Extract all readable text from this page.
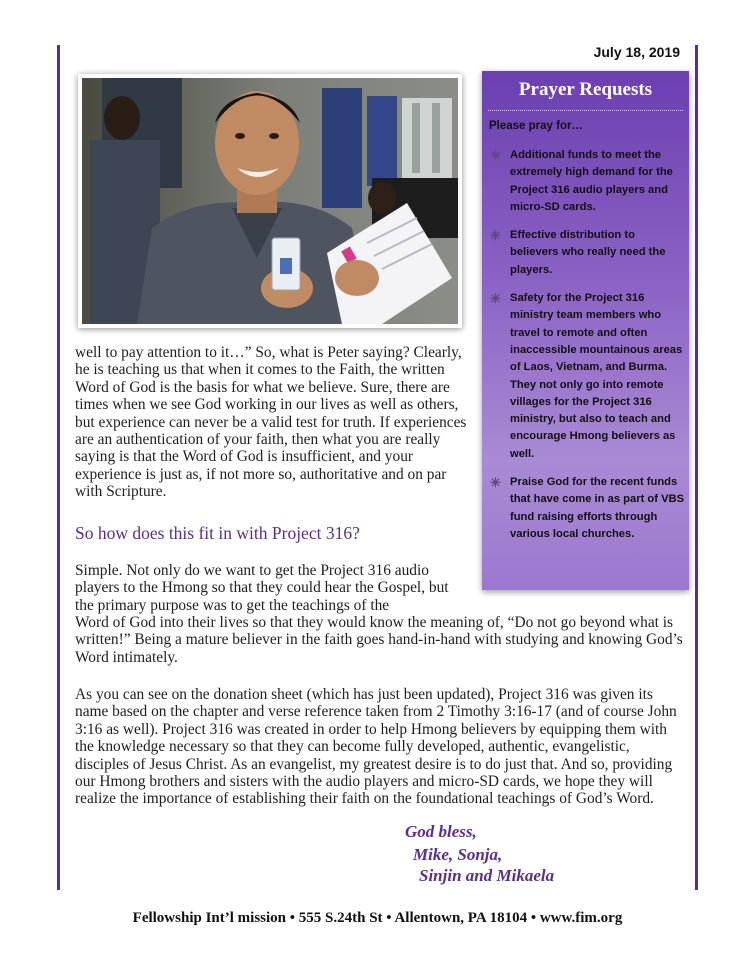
July 18, 2019
Prayer Requests
Please pray for…
✳ Additional funds to meet the extremely high demand for the Project 316 audio players and micro-SD cards.
✳ Effective distribution to believers who really need the players.
✳ Safety for the Project 316 ministry team members who travel to remote and often inaccessible mountainous areas of Laos, Vietnam, and Burma. They not only go into remote villages for the Project 316 ministry, but also to teach and encourage Hmong believers as well.
✳ Praise God for the recent funds that have come in as part of VBS fund raising efforts through various local churches.

well to pay attention to it…” So, what is Peter saying? Clearly, he is teaching us that when it comes to the Faith, the written Word of God is the basis for what we believe. Sure, there are times when we see God working in our lives as well as others, but experience can never be a valid test for truth. If experiences are an authentication of your faith, then what you are really saying is that the Word of God is insufficient, and your experience is just as, if not more so, authoritative and on par with Scripture.

So how does this fit in with Project 316?

Simple. Not only do we want to get the Project 316 audio players to the Hmong so that they could hear the Gospel, but the primary purpose was to get the teachings of the

Word of God into their lives so that they would know the meaning of, “Do not go beyond what is written!” Being a mature believer in the faith goes hand-in-hand with studying and knowing God’s Word intimately.

As you can see on the donation sheet (which has just been updated), Project 316 was given its name based on the chapter and verse reference taken from 2 Timothy 3:16-17 (and of course John 3:16 as well). Project 316 was created in order to help Hmong believers by equipping them with the knowledge necessary so that they can become fully developed, authentic, evangelistic, disciples of Jesus Christ. As an evangelist, my greatest desire is to do just that. And so, providing our Hmong brothers and sisters with the audio players and micro-SD cards, we hope they will realize the importance of establishing their faith on the foundational teachings of God’s Word.

God bless,
Mike, Sonja,
Sinjin and Mikaela
Fellowship Int’l mission • 555 S.24th St • Allentown, PA 18104 • www.fim.org
